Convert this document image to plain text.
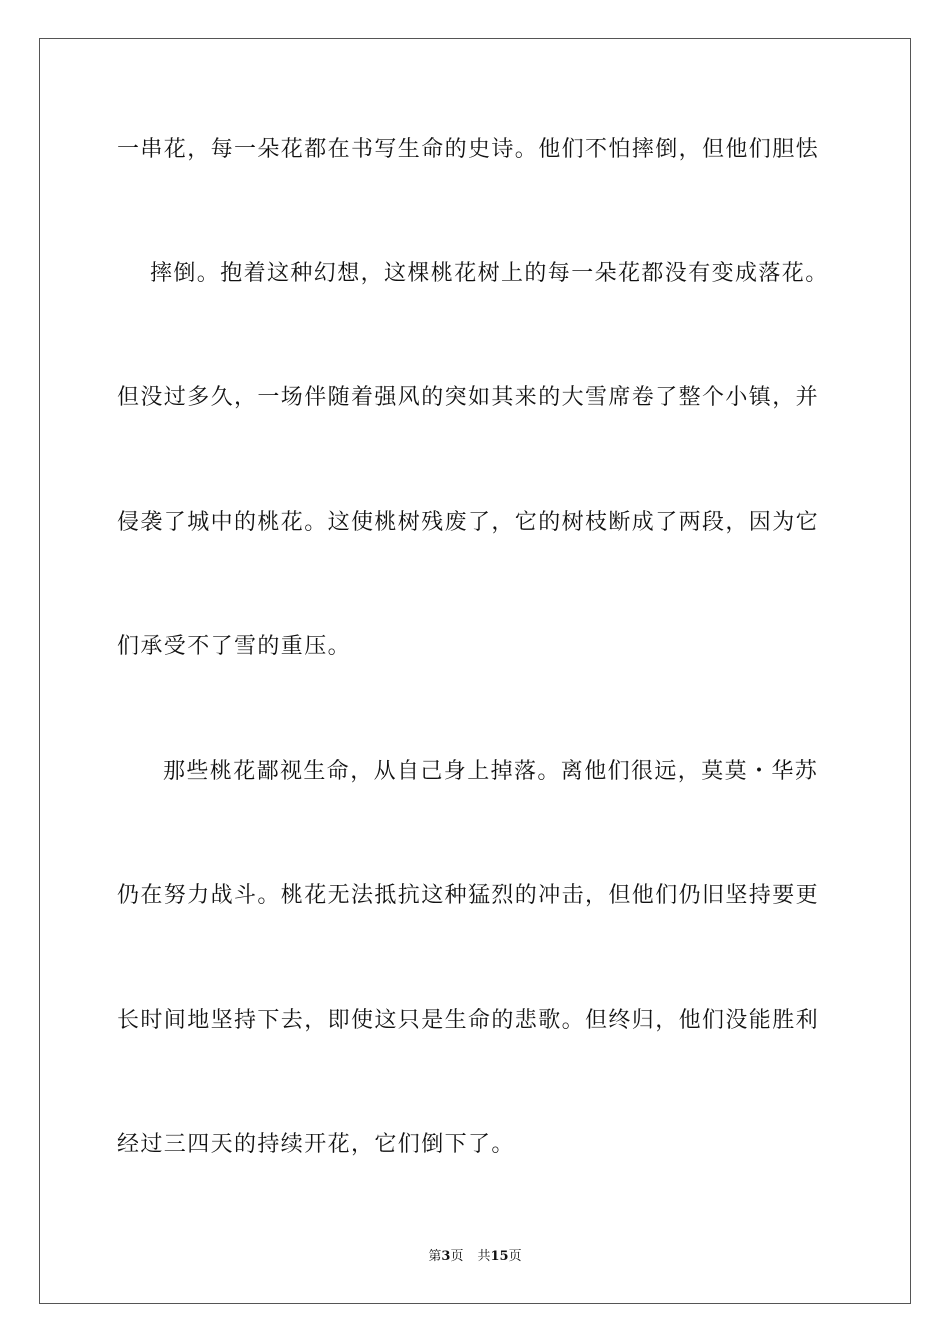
一串花，每一朵花都在书写生命的史诗。他们不怕摔倒，但他们胆怯
摔倒。抱着这种幻想，这棵桃花树上的每一朵花都没有变成落花。
但没过多久，一场伴随着强风的突如其来的大雪席卷了整个小镇，并
侵袭了城中的桃花。这使桃树残废了，它的树枝断成了两段，因为它
们承受不了雪的重压。
那些桃花鄙视生命，从自己身上掉落。离他们很远，莫莫・华苏
仍在努力战斗。桃花无法抵抗这种猛烈的冲击，但他们仍旧坚持要更
长时间地坚持下去，即使这只是生命的悲歌。但终归，他们没能胜利
经过三四天的持续开花，它们倒下了。
第3页 共15页
